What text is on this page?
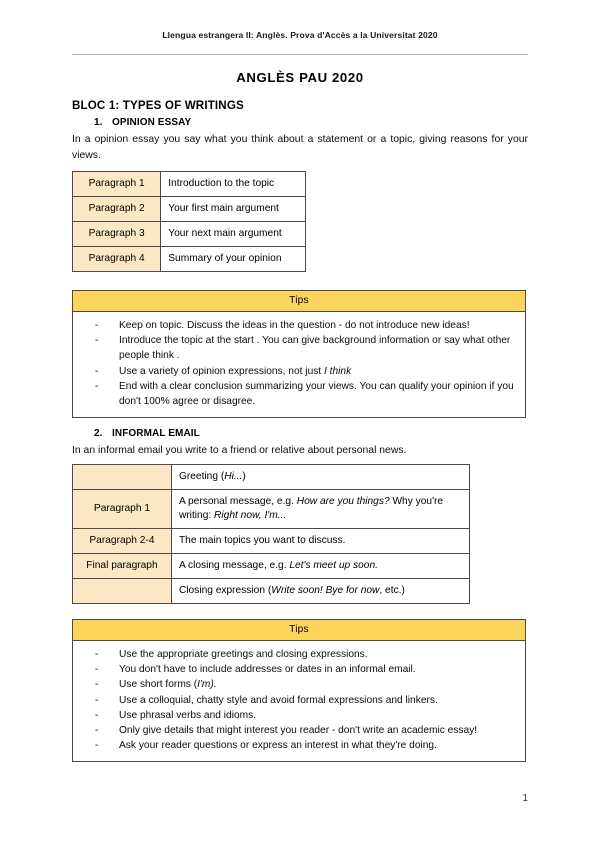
Llengua estrangera II: Anglès. Prova d'Accès a la Universitat 2020
ANGLÈS PAU 2020
BLOC 1: TYPES OF WRITINGS
1. OPINION ESSAY
In a opinion essay you say what you think about a statement or a topic, giving reasons for your views.
Paragraph 1	Introduction to the topic
Paragraph 2	Your first main argument
Paragraph 3	Your next main argument
Paragraph 4	Summary of your opinion
Tips
- Keep on topic. Discuss the ideas in the question - do not introduce new ideas!
- Introduce the topic at the start . You can give background information or say what other people think .
- Use a variety of opinion expressions, not just I think
- End with a clear conclusion summarizing your views. You can qualify your opinion if you don't 100% agree or disagree.
2. INFORMAL EMAIL
In an informal email you write to a friend or relative about personal news.
	Greeting (Hi...)
Paragraph 1	A personal message, e.g. How are you things? Why you're writing: Right now, I'm...
Paragraph 2-4	The main topics you want to discuss.
Final paragraph	A closing message, e.g. Let's meet up soon.
	Closing expression (Write soon! Bye for now, etc.)
Tips
- Use the appropriate greetings and closing expressions.
- You don't have to include addresses or dates in an informal email.
- Use short forms (I'm).
- Use a colloquial, chatty style and avoid formal expressions and linkers.
- Use phrasal verbs and idioms.
- Only give details that might interest you reader - don't write an academic essay!
- Ask your reader questions or express an interest in what they're doing.
1
